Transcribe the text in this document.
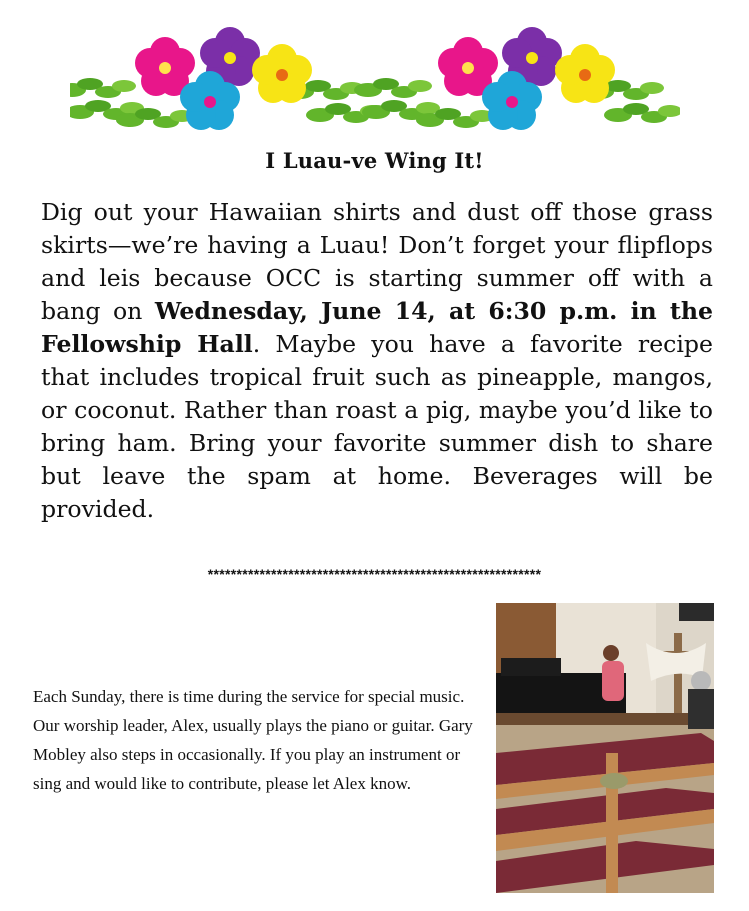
I Luau-ve Wing It!
Dig out your Hawaiian shirts and dust off those grass skirts—we’re having a Luau! Don’t forget your flipflops and leis because OCC is starting summer off with a bang on Wednesday, June 14, at 6:30 p.m. in the Fellowship Hall. Maybe you have a favorite recipe that includes tropical fruit such as pineapple, mangos, or coconut. Rather than roast a pig, maybe you’d like to bring ham. Bring your favorite summer dish to share but leave the spam at home. Beverages will be provided.
**********************************************************
Each Sunday, there is time during the service for special music. Our worship leader, Alex, usually plays the piano or guitar. Gary Mobley also steps in occasionally. If you play an instrument or sing and would like to contribute, please let Alex know.
